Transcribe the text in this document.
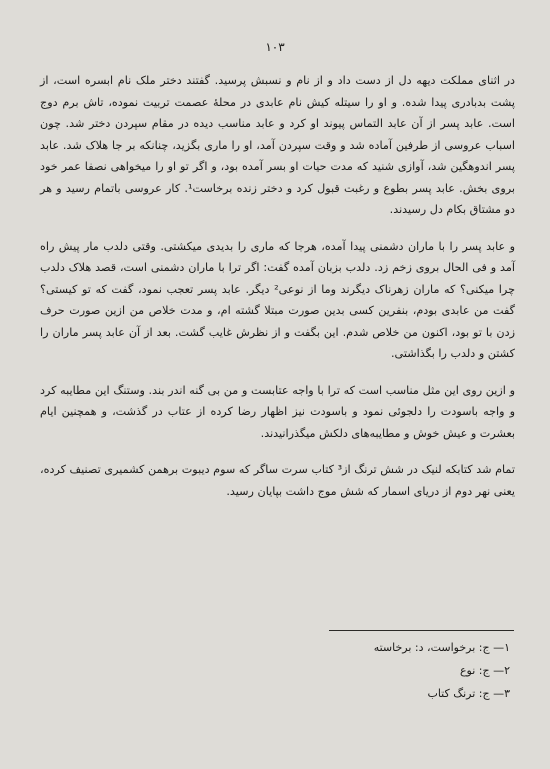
۱۰۳

در اثنای مملکت دیهه دل از دست داد و از نام و نسبش پرسید. گفتند دختر ملک نام ابسره است، از پشت بدبادری پیدا شده. و او را سیتله کیش نام عابدی در محله‌ٔ عصمت تربیت نموده، تاش برم دوج است. عابد پسر از آن عابد التماس پیوند او کرد و عابد مناسب دیده در مقام سپردن دختر شد. چون اسباب عروسی از طرفین آماده شد و وقت سپردن آمد، او را ماری بگزید، چنانکه بر جا هلاک شد. عابد پسر اندوهگین شد، آوازی شنید که مدت حیات او بسر آمده بود، و اگر تو او را میخواهی نصفا عمر خود بروی بخش. عابد پسر بطوع و رغبت قبول کرد و دختر زنده برخاست¹. کار عروسی باتمام رسید و هر دو مشتاق بکام دل رسیدند.

و عابد پسر را با ماران دشمنی پیدا آمده، هرجا که ماری را بدیدی میکشتی. وقتی دلدب مار پیش راه آمد و فی الحال بروی زخم زد. دلدب بزبان آمده گفت: اگر ترا با ماران دشمنی است، قصد هلاک دلدب چرا میکنی؟ که ماران زهرناک دیگرند وما از نوعی² دیگر. عابد پسر تعجب نمود، گفت که تو کیستی؟ گفت من عابدی بودم، بنفرین کسی بدین صورت مبتلا گشته ام، و مدت خلاص من ازین صورت حرف زدن با تو بود، اکنون من خلاص شدم. این بگفت و از نظرش غایب گشت. بعد از آن عابد پسر ماران را کشتن و دلدب را بگذاشتی.

و ازین روی این مثل مناسب است که ترا با واجه عتابست و من بی گنه اندر بند. وستنگ این مطایبه کرد و واجه باسودت را دلجوئی نمود و باسودت نیز اظهار رضا کرده از عتاب در گذشت، و همچنین ایام بعشرت و عیش خوش و مطایبه‌های دلکش میگذرانیدند.

تمام شد کتابکه لنیک در شش ترنگ از³ کتاب سرت ساگر که سوم دیبوت برهمن کشمیری تصنیف کرده، یعنی نهر دوم از دریای اسمار که شش موج داشت بپایان رسید.

۱— ج: برخواست، د: برخاسته
۲— ج: نوع
۳— ج: ترنگ کتاب
